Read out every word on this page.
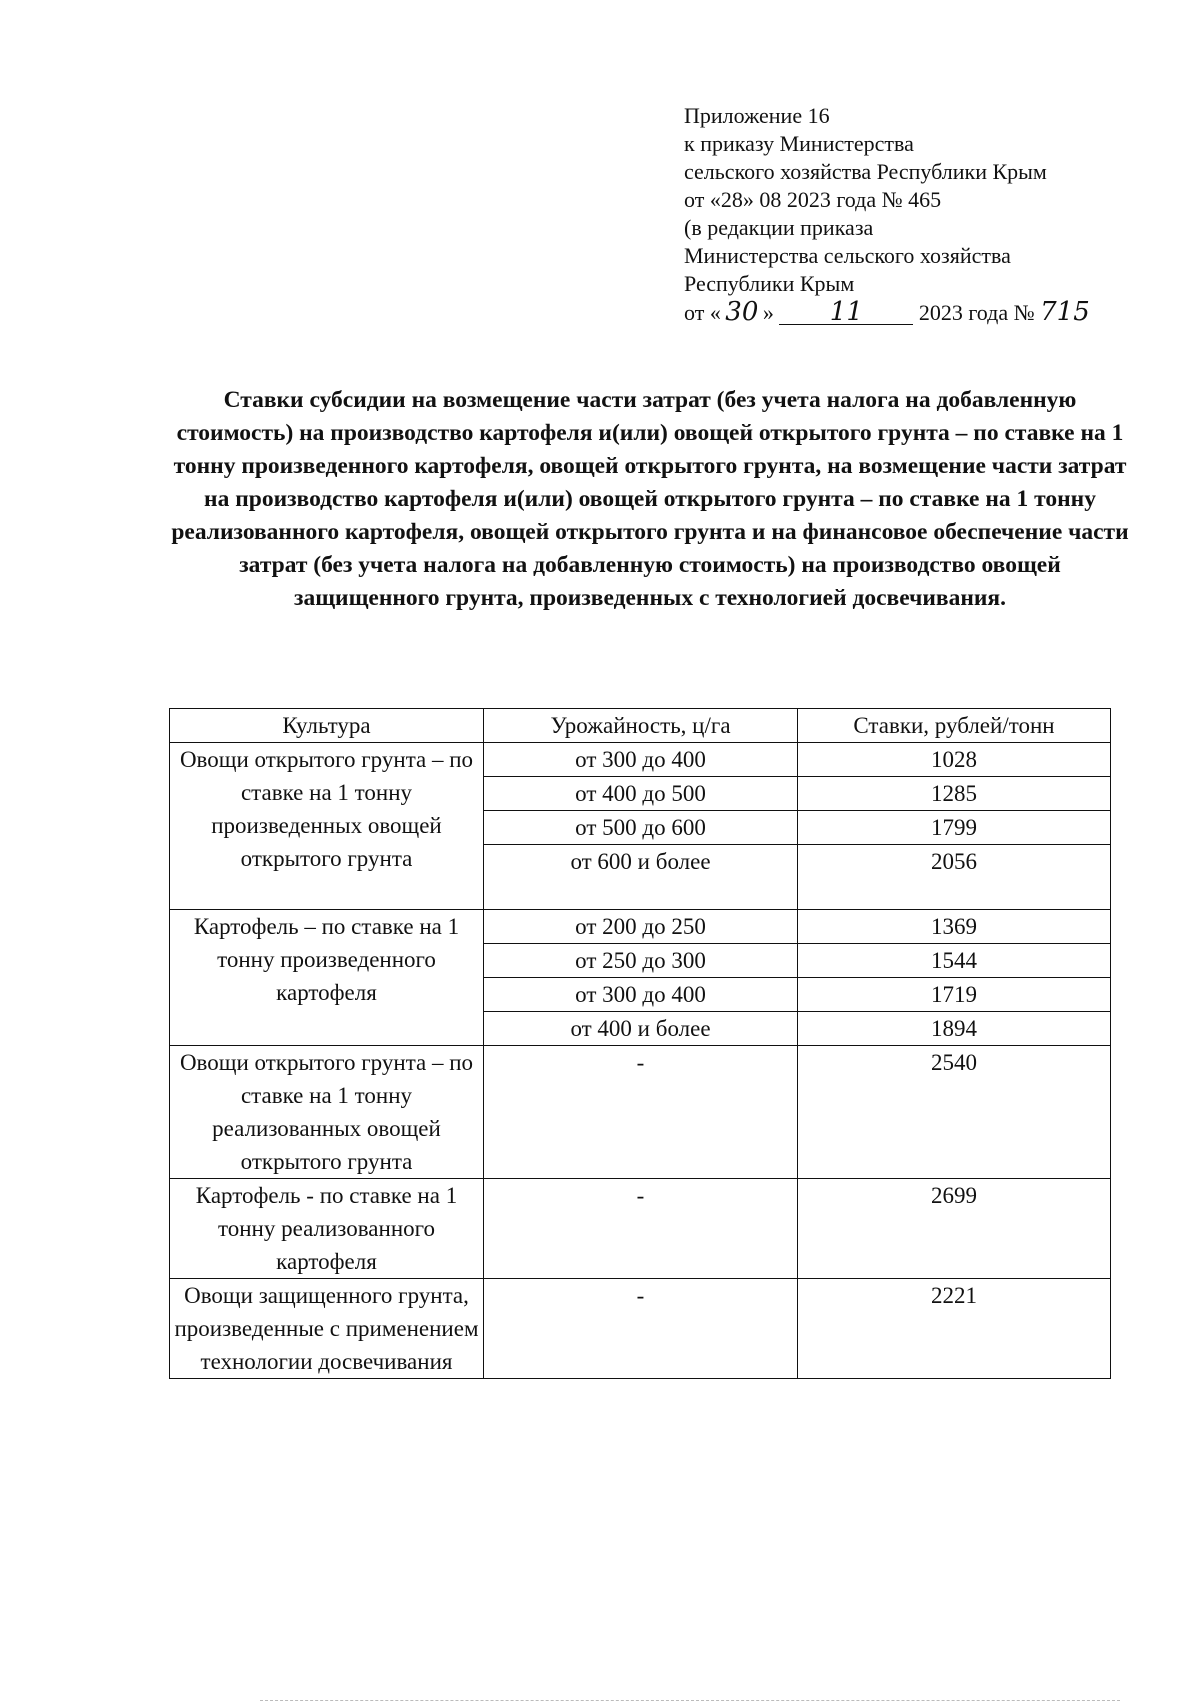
Приложение 16
к приказу Министерства
сельского хозяйства Республики Крым
от «28» 08 2023 года № 465
(в редакции приказа
Министерства сельского хозяйства
Республики Крым
от « 30 » 11	2023 года № 715
Ставки субсидии на возмещение части затрат (без учета налога на добавленную стоимость) на производство картофеля и(или) овощей открытого грунта – по ставке на 1 тонну произведенного картофеля, овощей открытого грунта, на возмещение части затрат на производство картофеля и(или) овощей открытого грунта – по ставке на 1 тонну реализованного картофеля, овощей открытого грунта и на финансовое обеспечение части затрат (без учета налога на добавленную стоимость) на производство овощей защищенного грунта, произведенных с технологией досвечивания.
Культура	Урожайность, ц/га	Ставки, рублей/тонн
Овощи открытого грунта – по ставке на 1 тонну произведенных овощей открытого грунта	от 300 до 400	1028
	от 400 до 500	1285
	от 500 до 600	1799
	от 600 и более	2056
Картофель – по ставке на 1 тонну произведенного картофеля	от 200 до 250	1369
	от 250 до 300	1544
	от 300 до 400	1719
	от 400 и более	1894
Овощи открытого грунта – по ставке на 1 тонну реализованных овощей открытого грунта	-	2540
Картофель - по ставке на 1 тонну реализованного картофеля	-	2699
Овощи защищенного грунта, произведенные с применением технологии досвечивания	-	2221
